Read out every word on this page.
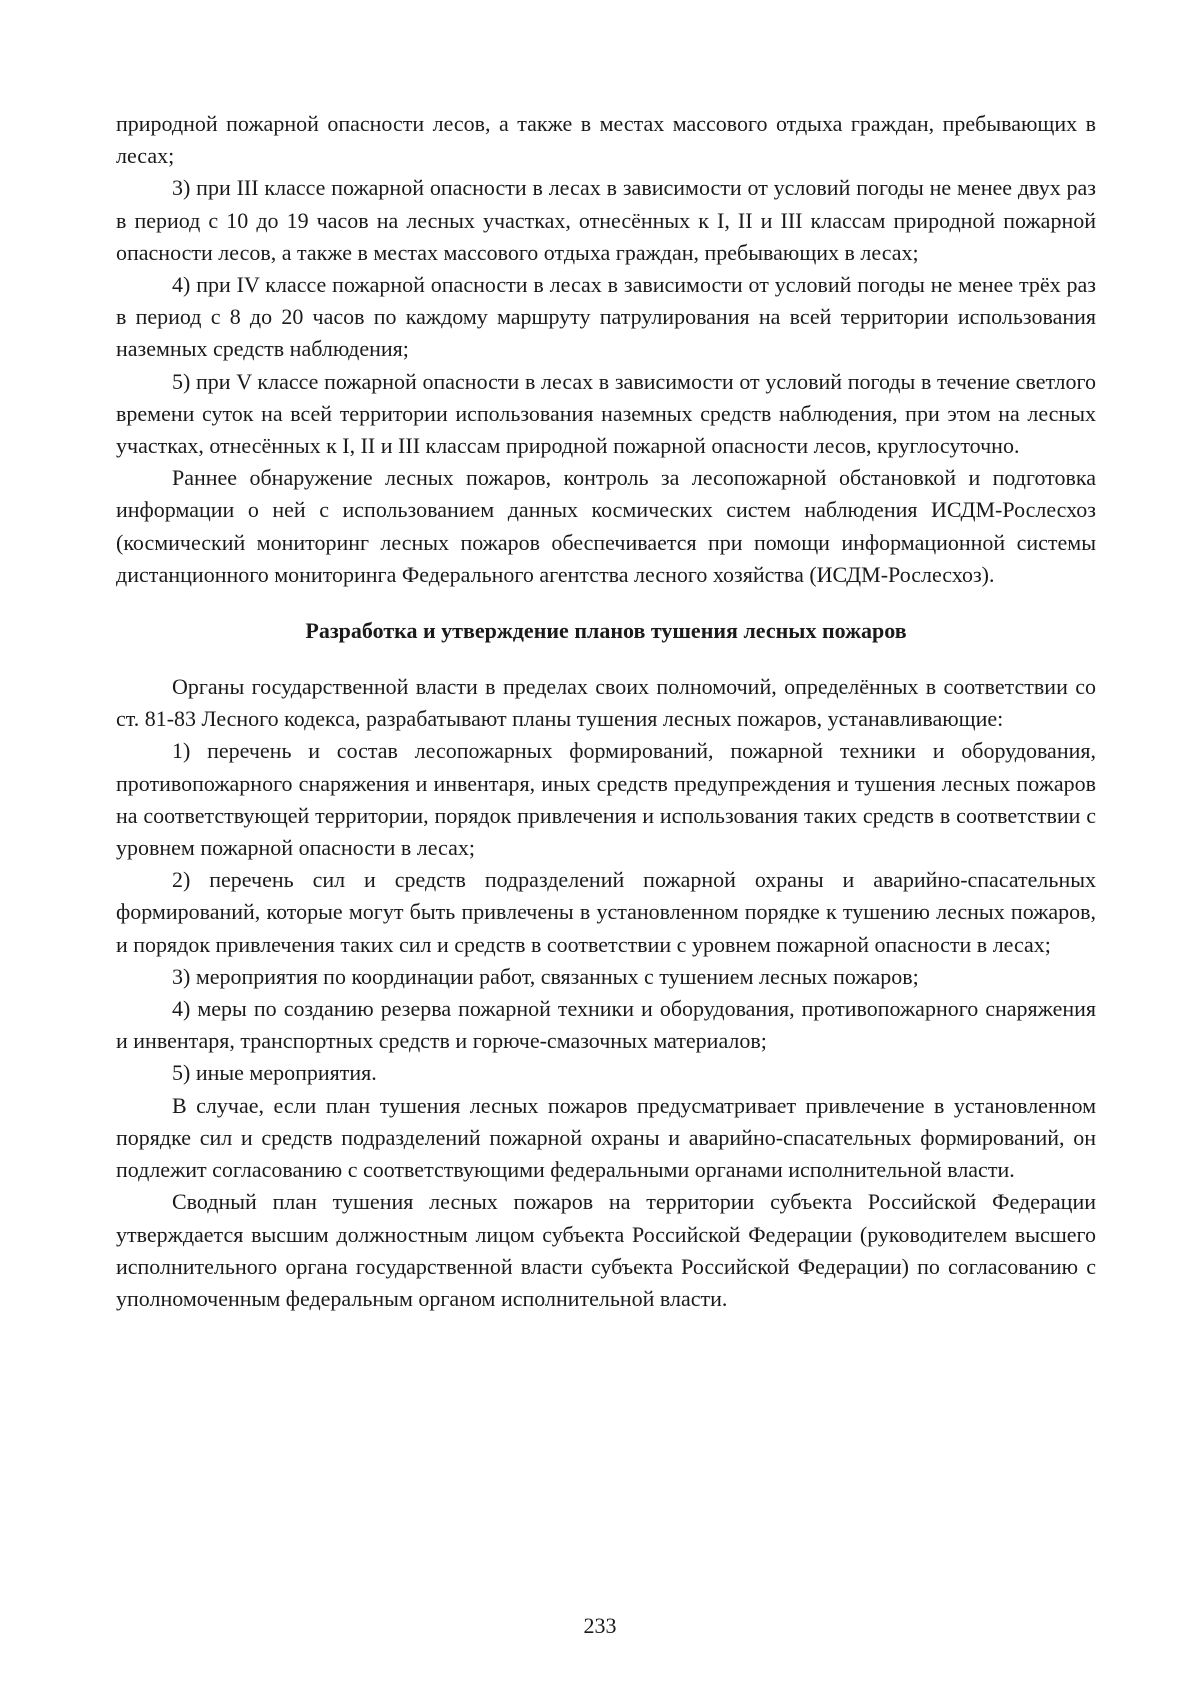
природной пожарной опасности лесов, а также в местах массового отдыха граждан, пребывающих в лесах;

3) при III классе пожарной опасности в лесах в зависимости от условий погоды не менее двух раз в период с 10 до 19 часов на лесных участках, отнесённых к I, II и III классам природной пожарной опасности лесов, а также в местах массового отдыха граждан, пребывающих в лесах;

4) при IV классе пожарной опасности в лесах в зависимости от условий погоды не менее трёх раз в период с 8 до 20 часов по каждому маршруту патрулирования на всей территории использования наземных средств наблюдения;

5) при V классе пожарной опасности в лесах в зависимости от условий погоды в течение светлого времени суток на всей территории использования наземных средств наблюдения, при этом на лесных участках, отнесённых к I, II и III классам природной пожарной опасности лесов, круглосуточно.

Раннее обнаружение лесных пожаров, контроль за лесопожарной обстановкой и подготовка информации о ней с использованием данных космических систем наблюдения ИСДМ-Рослесхоз (космический мониторинг лесных пожаров обеспечивается при помощи информационной системы дистанционного мониторинга Федерального агентства лесного хозяйства (ИСДМ-Рослесхоз).

Разработка и утверждение планов тушения лесных пожаров

Органы государственной власти в пределах своих полномочий, определённых в соответствии со ст. 81-83 Лесного кодекса, разрабатывают планы тушения лесных пожаров, устанавливающие:

1) перечень и состав лесопожарных формирований, пожарной техники и оборудования, противопожарного снаряжения и инвентаря, иных средств предупреждения и тушения лесных пожаров на соответствующей территории, порядок привлечения и использования таких средств в соответствии с уровнем пожарной опасности в лесах;

2) перечень сил и средств подразделений пожарной охраны и аварийно-спасательных формирований, которые могут быть привлечены в установленном порядке к тушению лесных пожаров, и порядок привлечения таких сил и средств в соответствии с уровнем пожарной опасности в лесах;

3) мероприятия по координации работ, связанных с тушением лесных пожаров;

4) меры по созданию резерва пожарной техники и оборудования, противопожарного снаряжения и инвентаря, транспортных средств и горюче-смазочных материалов;

5) иные мероприятия.

В случае, если план тушения лесных пожаров предусматривает привлечение в установленном порядке сил и средств подразделений пожарной охраны и аварийно-спасательных формирований, он подлежит согласованию с соответствующими федеральными органами исполнительной власти.

Сводный план тушения лесных пожаров на территории субъекта Российской Федерации утверждается высшим должностным лицом субъекта Российской Федерации (руководителем высшего исполнительного органа государственной власти субъекта Российской Федерации) по согласованию с уполномоченным федеральным органом исполнительной власти.

233
